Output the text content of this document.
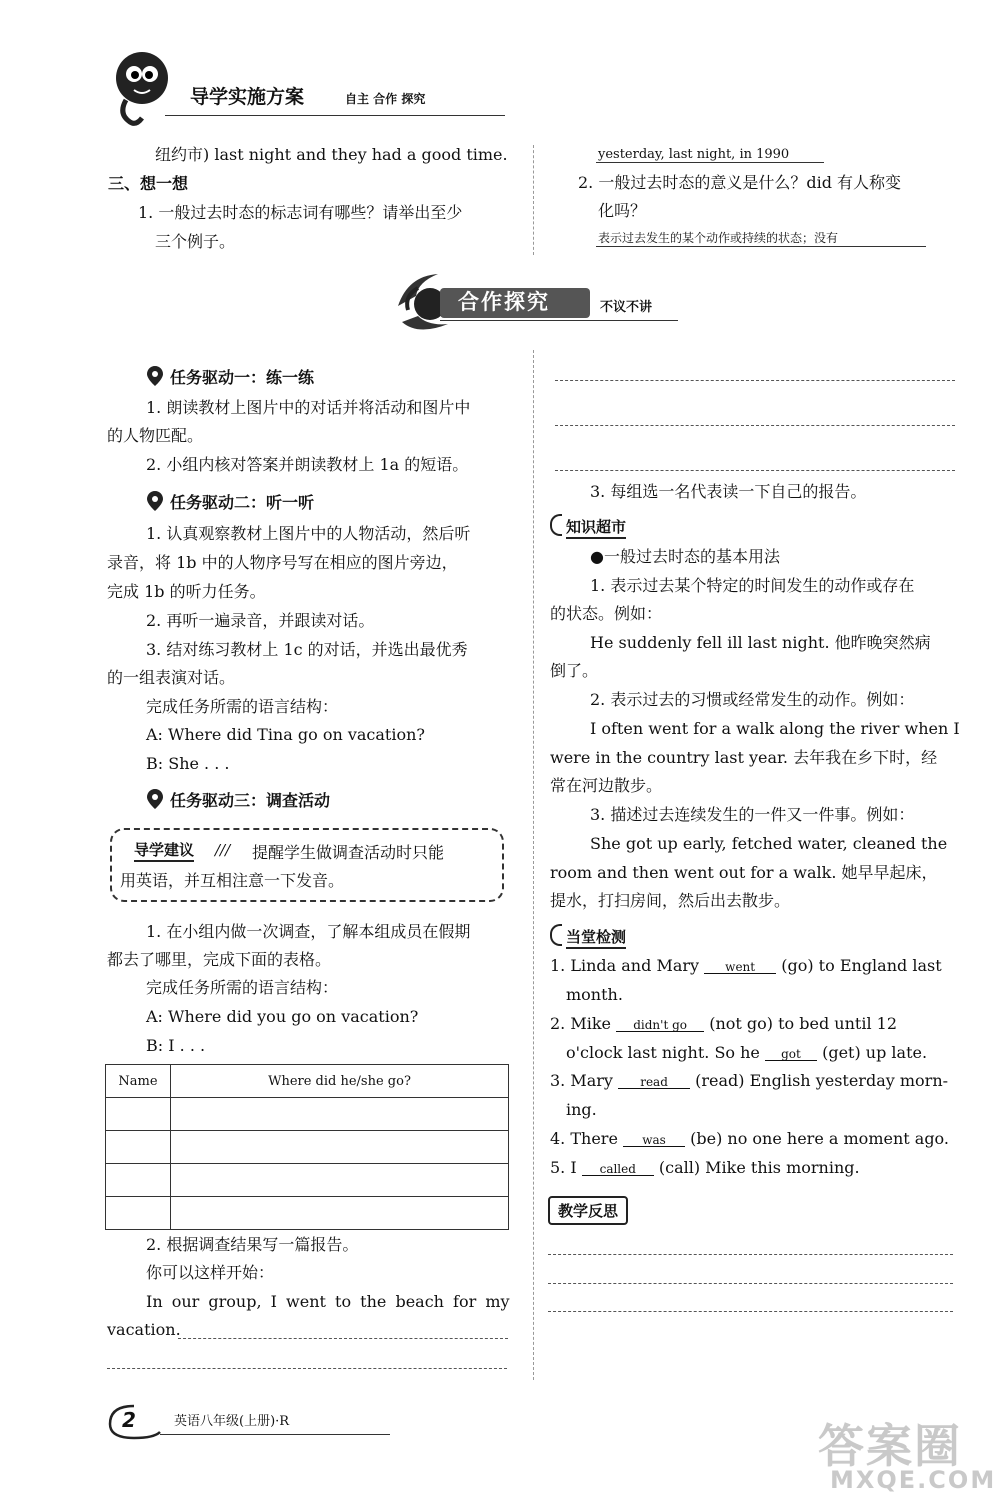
导学实施方案	自主 合作 探究
纽约市) last night and they had a good time.
三、想一想
1. 一般过去时态的标志词有哪些？请举出至少
三个例子。
yesterday, last night, in 1990
2. 一般过去时态的意义是什么？did 有人称变
化吗？
表示过去发生的某个动作或持续的状态；没有
合作探究	不议不讲
任务驱动一：练一练
1. 朗读教材上图片中的对话并将活动和图片中
的人物匹配。
2. 小组内核对答案并朗读教材上 1a 的短语。
任务驱动二：听一听
1. 认真观察教材上图片中的人物活动，然后听
录音，将 1b 中的人物序号写在相应的图片旁边，
完成 1b 的听力任务。
2. 再听一遍录音，并跟读对话。
3. 结对练习教材上 1c 的对话，并选出最优秀
的一组表演对话。
完成任务所需的语言结构：
A: Where did Tina go on vacation?
B: She . . .
任务驱动三：调查活动
导学建议 /// 提醒学生做调查活动时只能
用英语，并互相注意一下发音。
1. 在小组内做一次调查，了解本组成员在假期
都去了哪里，完成下面的表格。
完成任务所需的语言结构：
A: Where did you go on vacation?
B: I . . .
Name	Where did he/she go?

2. 根据调查结果写一篇报告。
你可以这样开始：
In our group, I went to the beach for my
vacation.
3. 每组选一名代表读一下自己的报告。
知识超市
●一般过去时态的基本用法
1. 表示过去某个特定的时间发生的动作或存在
的状态。例如：
He suddenly fell ill last night. 他昨晚突然病
倒了。
2. 表示过去的习惯或经常发生的动作。例如：
I often went for a walk along the river when I
were in the country last year. 去年我在乡下时，经
常在河边散步。
3. 描述过去连续发生的一件又一件事。例如：
She got up early, fetched water, cleaned the
room and then went out for a walk. 她早早起床，
提水，打扫房间，然后出去散步。
当堂检测
1. Linda and Mary went (go) to England last
month.
2. Mike didn't go (not go) to bed until 12
o'clock last night. So he got (get) up late.
3. Mary read (read) English yesterday morn-
ing.
4. There was (be) no one here a moment ago.
5. I called (call) Mike this morning.
教学反思
2	英语八年级(上册)·R	答案圈
MXQE.COM
